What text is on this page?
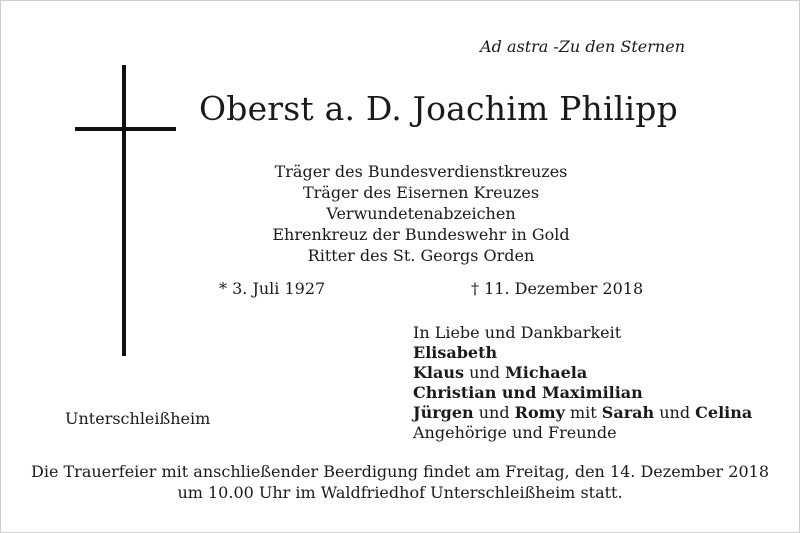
Ad astra -Zu den Sternen
Oberst a. D. Joachim Philipp
Träger des Bundesverdienstkreuzes
Träger des Eisernen Kreuzes
Verwundetenabzeichen
Ehrenkreuz der Bundeswehr in Gold
Ritter des St. Georgs Orden
* 3. Juli 1927	† 11. Dezember 2018
In Liebe und Dankbarkeit
Elisabeth
Klaus und Michaela
Christian und Maximilian
Jürgen und Romy mit Sarah und Celina
Angehörige und Freunde
Unterschleißheim
Die Trauerfeier mit anschließender Beerdigung findet am Freitag, den 14. Dezember 2018
um 10.00 Uhr im Waldfriedhof Unterschleißheim statt.
